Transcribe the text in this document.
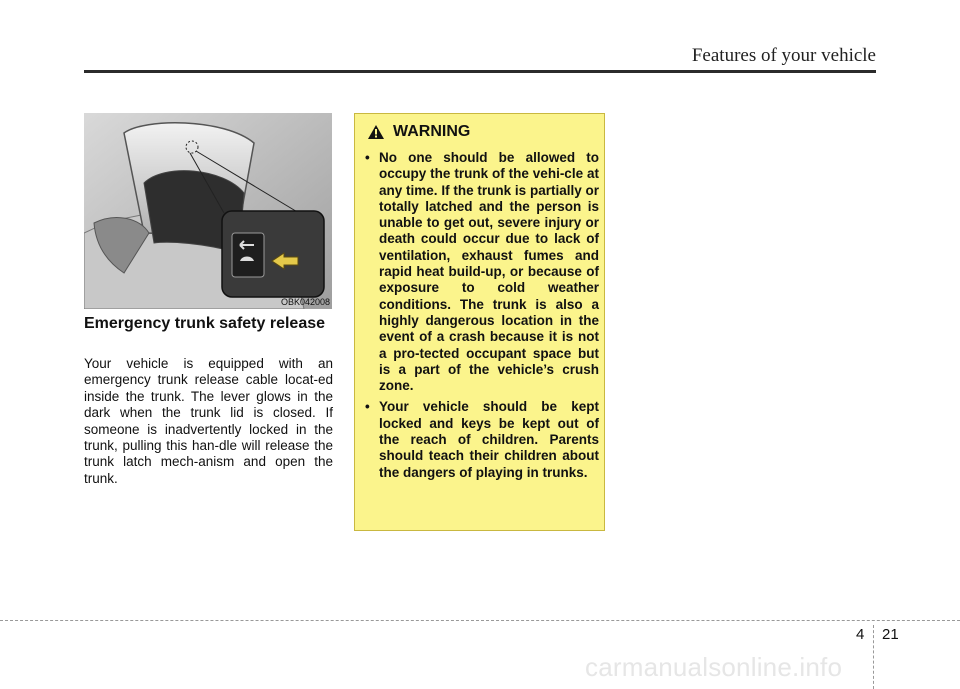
Features of your vehicle
OBK042008
Emergency trunk safety release

Your vehicle is equipped with an emergency trunk release cable locat-ed inside the trunk. The lever glows in the dark when the trunk lid is closed. If someone is inadvertently locked in the trunk, pulling this han-dle will release the trunk latch mech-anism and open the trunk.

WARNING
• No one should be allowed to occupy the trunk of the vehi-cle at any time. If the trunk is partially or totally latched and the person is unable to get out, severe injury or death could occur due to lack of ventilation, exhaust fumes and rapid heat build-up, or because of exposure to cold weather conditions. The trunk is also a highly dangerous location in the event of a crash because it is not a pro-tected occupant space but is a part of the vehicle’s crush zone.
• Your vehicle should be kept locked and keys be kept out of the reach of children. Parents should teach their children about the dangers of playing in trunks.
4 21
carmanualsonline.info
